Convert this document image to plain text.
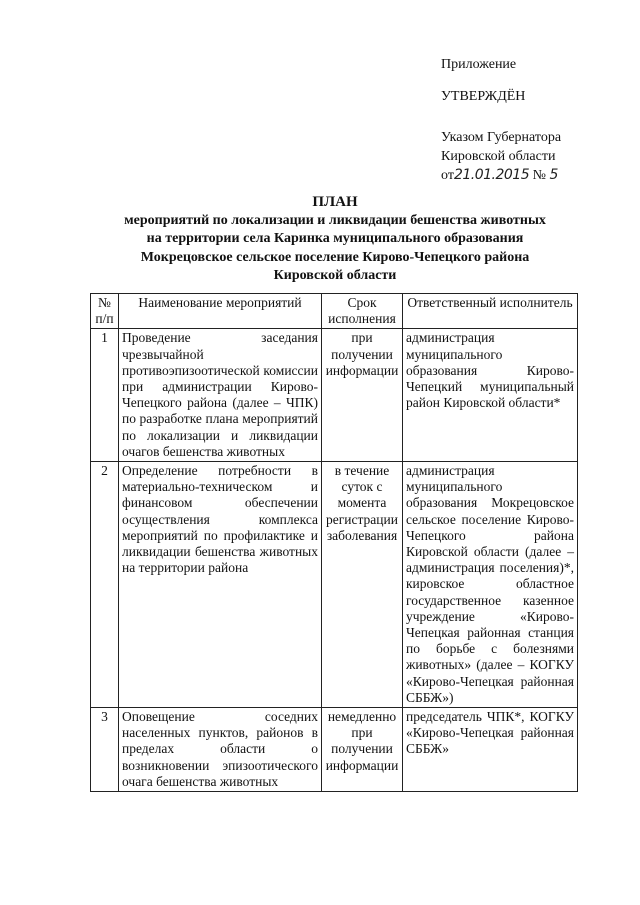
Приложение
УТВЕРЖДЁН
Указом Губернатора
Кировской области
от21.01.2015 № 5
ПЛАН
мероприятий по локализации и ликвидации бешенства животных
на территории села Каринка муниципального образования
Мокрецовское сельское поселение Кирово-Чепецкого района
Кировской области
№ п/п	Наименование мероприятий	Срок исполнения	Ответственный исполнитель
1	Проведение заседания чрезвычайной противоэпизоотической комиссии при администрации Кирово-Чепецкого района (далее – ЧПК) по разработке плана мероприятий по локализации и ликвидации очагов бешенства животных	при получении информации	администрация муниципального образования Кирово-Чепецкий муниципальный район Кировской области*
2	Определение потребности в материально-техническом и финансовом обеспечении осуществления комплекса мероприятий по профилактике и ликвидации бешенства животных на территории района	в течение суток с момента регистрации заболевания	администрация муниципального образования Мокрецовское сельское поселение Кирово-Чепецкого района Кировской области (далее – администрация поселения)*, кировское областное государственное казенное учреждение «Кирово-Чепецкая районная станция по борьбе с болезнями животных» (далее – КОГКУ «Кирово-Чепецкая районная СББЖ»)
3	Оповещение соседних населенных пунктов, районов в пределах области о возникновении эпизоотического очага бешенства животных	немедленно при получении информации	председатель ЧПК*, КОГКУ «Кирово-Чепецкая районная СББЖ»
